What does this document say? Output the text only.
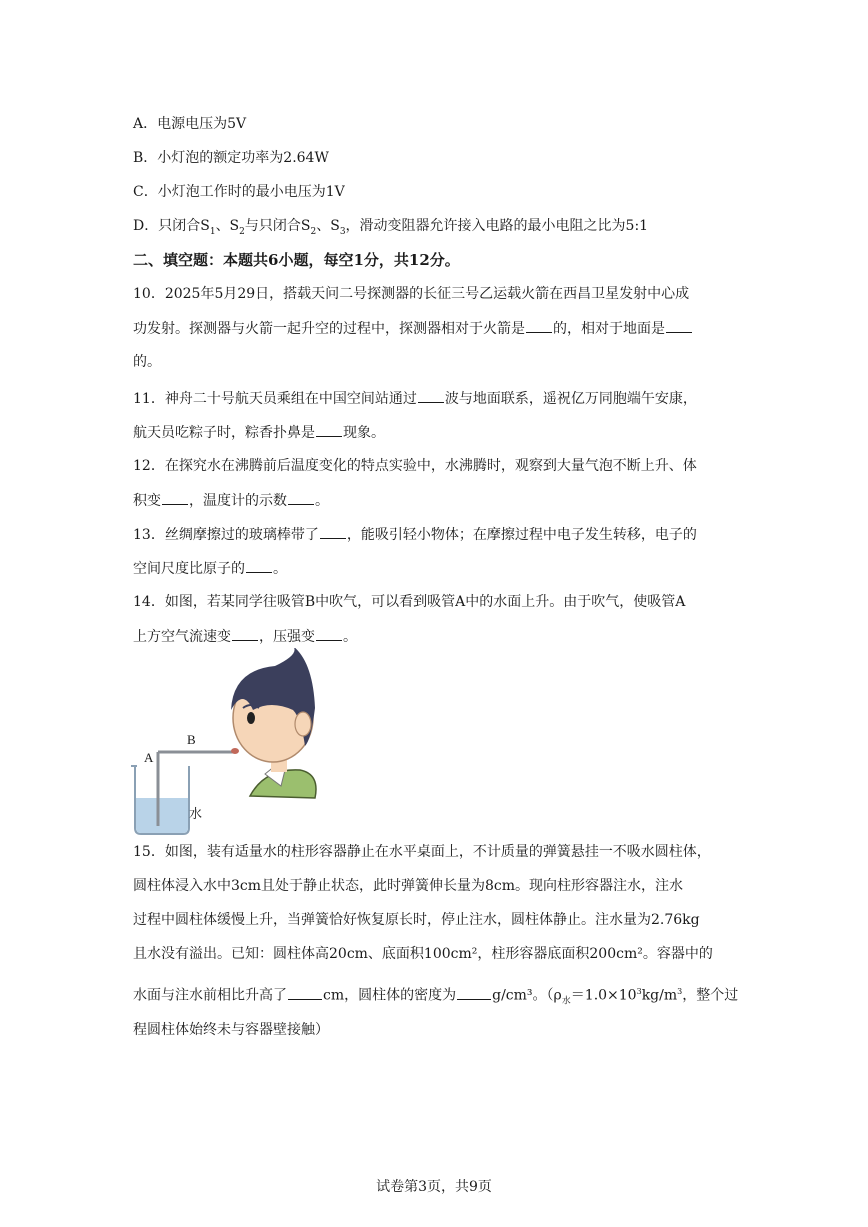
A．电源电压为5V
B．小灯泡的额定功率为2.64W
C．小灯泡工作时的最小电压为1V
D．只闭合$S_1$、$S_2$与只闭合$S_2$、$S_3$，滑动变阻器允许接入电路的最小电阻之比为5:1
二、填空题：本题共6小题，每空1分，共12分。
10．2025年5月29日，搭载天问二号探测器的长征三号乙运载火箭在西昌卫星发射中心成
功发射。探测器与火箭一起升空的过程中，探测器相对于火箭是 的，相对于地面是
的。
11．神舟二十号航天员乘组在中国空间站通过 波与地面联系，遥祝亿万同胞端午安康，
航天员吃粽子时，粽香扑鼻是 现象。
12．在探究水在沸腾前后温度变化的特点实验中，水沸腾时，观察到大量气泡不断上升、体
积变 ，温度计的示数 。
13．丝绸摩擦过的玻璃棒带了 ，能吸引轻小物体；在摩擦过程中电子发生转移，电子的
空间尺度比原子的 。
14．如图，若某同学往吸管B中吹气，可以看到吸管A中的水面上升。由于吹气，使吸管A
上方空气流速变 ，压强变 。
A
B
水
15．如图，装有适量水的柱形容器静止在水平桌面上，不计质量的弹簧悬挂一不吸水圆柱体，
圆柱体浸入水中3cm且处于静止状态，此时弹簧伸长量为8cm。现向柱形容器注水，注水
过程中圆柱体缓慢上升，当弹簧恰好恢复原长时，停止注水，圆柱体静止。注水量为2.76kg
且水没有溢出。已知：圆柱体高20cm、底面积100cm²，柱形容器底面积200cm²。容器中的
水面与注水前相比升高了	cm，圆柱体的密度为	g/cm³。（$\rho_水=1.0\times 10^3kg/m^3$，整个过
程圆柱体始终未与容器壁接触）
试卷第3页，共9页
